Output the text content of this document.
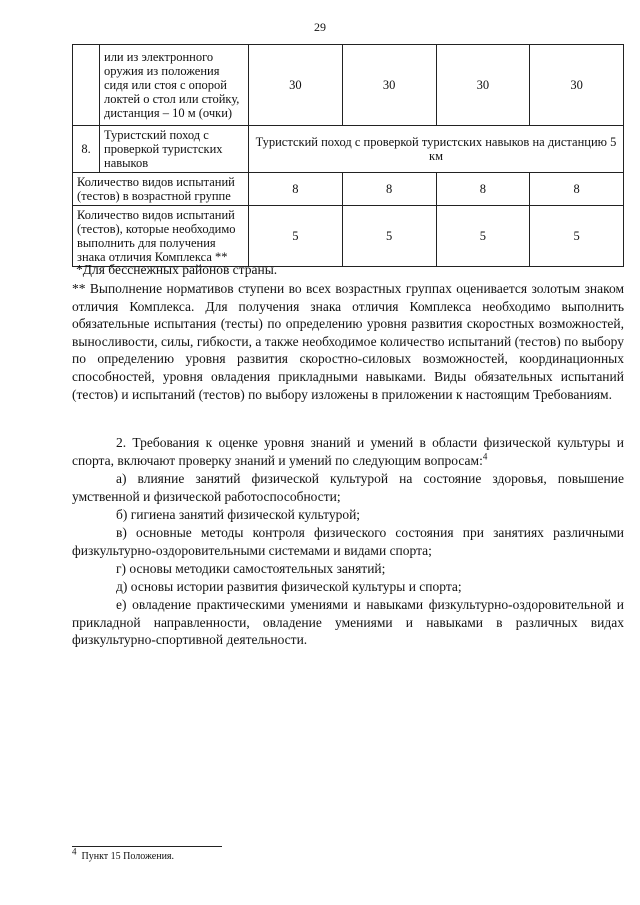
29
	или из электронного оружия из положения сидя или стоя с опорой локтей о стол или стойку, дистанция – 10 м (очки)	30	30	30	30
8.	Туристский поход с проверкой туристских навыков	Туристский поход с проверкой туристских навыков на дистанцию 5 км			
Количество видов испытаний (тестов) в возрастной группе		8	8	8	8
Количество видов испытаний (тестов), которые необходимо выполнить для получения знака отличия Комплекса **		5	5	5	5
*Для бесснежных районов страны.

** Выполнение нормативов ступени во всех возрастных группах оценивается золотым знаком отличия Комплекса. Для получения знака отличия Комплекса необходимо выполнить обязательные испытания (тесты) по определению уровня развития скоростных возможностей, выносливости, силы, гибкости, а также необходимое количество испытаний (тестов) по выбору по определению уровня развития скоростно-силовых возможностей, координационных способностей, уровня овладения прикладными навыками. Виды обязательных испытаний (тестов) и испытаний (тестов) по выбору изложены в приложении к настоящим Требованиям.

2. Требования к оценке уровня знаний и умений в области физической культуры и спорта, включают проверку знаний и умений по следующим вопросам:$^4$

а) влияние занятий физической культурой на состояние здоровья, повышение умственной и физической работоспособности;

б) гигиена занятий физической культурой;

в) основные методы контроля физического состояния при занятиях различными физкультурно-оздоровительными системами и видами спорта;

г) основы методики самостоятельных занятий;

д) основы истории развития физической культуры и спорта;

е) овладение практическими умениями и навыками физкультурно-оздоровительной и прикладной направленности, овладение умениями и навыками в различных видах физкультурно-спортивной деятельности.

4 Пункт 15 Положения.
